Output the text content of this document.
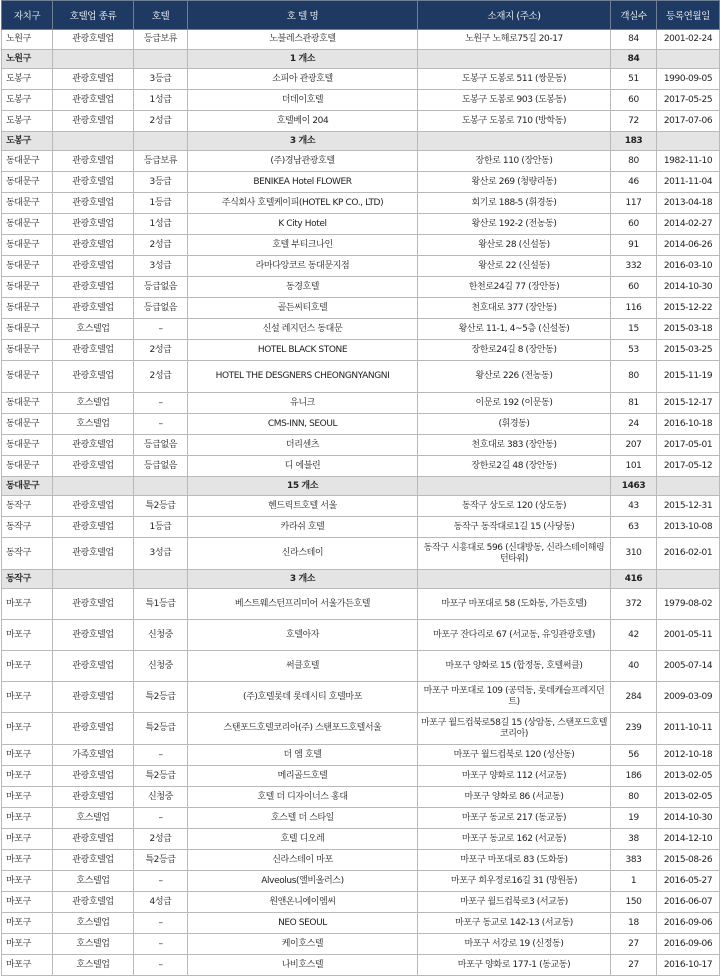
자치구	호텔업 종류	호텔	호 텔 명	소재지 (주소)	객실수	등록연월일
노원구	관광호텔업	등급보류	노블레스관광호텔	노원구 노해로75길 20-17	84	2001-02-24
노원구			1 개소		84	
도봉구	관광호텔업	3등급	소피아 관광호텔	도봉구 도봉로 511 (쌍문동)	51	1990-09-05
도봉구	관광호텔업	1성급	더데이호텔	도봉구 도봉로 903 (도봉동)	60	2017-05-25
도봉구	관광호텔업	2성급	호텔베이 204	도봉구 도봉로 710 (방학동)	72	2017-07-06
도봉구			3 개소		183	
동대문구	관광호텔업	등급보류	(주)경남관광호텔	장한로 110 (장안동)	80	1982-11-10
동대문구	관광호텔업	3등급	BENIKEA Hotel FLOWER	왕산로 269 (청량리동)	46	2011-11-04
동대문구	관광호텔업	1등급	주식회사 호텔케이피(HOTEL KP CO., LTD)	회기로 188-5 (휘경동)	117	2013-04-18
동대문구	관광호텔업	1성급	K City Hotel	왕산로 192-2 (전농동)	60	2014-02-27
동대문구	관광호텔업	2성급	호텔 부티크나인	왕산로 28 (신설동)	91	2014-06-26
동대문구	관광호텔업	3성급	라마다앙코르 동대문지점	왕산로 22 (신설동)	332	2016-03-10
동대문구	관광호텔업	등급없음	동경호텔	한천로24길 77 (장안동)	60	2014-10-30
동대문구	관광호텔업	등급없음	골든씨티호텔	천호대로 377 (장안동)	116	2015-12-22
동대문구	호스텔업	–	신설 레지던스 동대문	왕산로 11-1, 4~5층 (신설동)	15	2015-03-18
동대문구	관광호텔업	2성급	HOTEL BLACK STONE	장한로24길 8 (장안동)	53	2015-03-25
동대문구	관광호텔업	2성급	HOTEL THE DESGNERS CHEONGNYANGNI	왕산로 226 (전농동)	80	2015-11-19
동대문구	호스텔업	–	유니크	이문로 192 (이문동)	81	2015-12-17
동대문구	호스텔업	–	CMS-INN, SEOUL	(휘경동)	24	2016-10-18
동대문구	관광호텔업	등급없음	더리센츠	천호대로 383 (장안동)	207	2017-05-01
동대문구	관광호텔업	등급없음	디 에블린	장한로2길 48 (장안동)	101	2017-05-12
동대문구			15 개소		1463	
동작구	관광호텔업	특2등급	헨드릭트호텔 서울	동작구 상도로 120 (상도동)	43	2015-12-31
동작구	관광호텔업	1등급	카라쉬 호텔	동작구 동작대로1길 15 (사당동)	63	2013-10-08
동작구	관광호텔업	3성급	신라스테이	동작구 시흥대로 596 (신대방동, 신라스테이해링턴타워)	310	2016-02-01
동작구			3 개소		416	
마포구	관광호텔업	특1등급	베스트웨스턴프리미어 서울가든호텔	마포구 마포대로 58 (도화동, 가든호텔)	372	1979-08-02
마포구	관광호텔업	신청중	호텔아자	마포구 잔다리로 67 (서교동, 유잉관광호텔)	42	2001-05-11
마포구	관광호텔업	신청중	써클호텔	마포구 양화로 15 (합정동, 호텔써클)	40	2005-07-14
마포구	관광호텔업	특2등급	(주)호텔롯데 롯데시티 호텔마포	마포구 마포대로 109 (공덕동, 롯데캐슬프레지던트)	284	2009-03-09
마포구	관광호텔업	특2등급	스탠포드호텔코리아(주) 스탠포드호텔서울	마포구 월드컵북로58길 15 (상암동, 스탠포드호텔코리아)	239	2011-10-11
마포구	가족호텔업	–	더 엠 호텔	마포구 월드컵북로 120 (성산동)	56	2012-10-18
마포구	관광호텔업	특2등급	메리골드호텔	마포구 양화로 112 (서교동)	186	2013-02-05
마포구	관광호텔업	신청중	호텔 더 디자이너스 홍대	마포구 양화로 86 (서교동)	80	2013-02-05
마포구	호스텔업	–	호스텔 더 스타일	마포구 동교로 217 (동교동)	19	2014-10-30
마포구	관광호텔업	2성급	호텔 디오레	마포구 동교로 162 (서교동)	38	2014-12-10
마포구	관광호텔업	특2등급	신라스테이 마포	마포구 마포대로 83 (도화동)	383	2015-08-26
마포구	호스텔업	–	Alveolus(앨비올러스)	마포구 희우정로16길 31 (망원동)	1	2016-05-27
마포구	관광호텔업	4성급	원앤온니에이엠씨	마포구 월드컵북로3 (서교동)	150	2016-06-07
마포구	호스텔업	–	NEO SEOUL	마포구 동교로 142-13 (서교동)	18	2016-09-06
마포구	호스텔업	–	케이호스텔	마포구 서강로 19 (신정동)	27	2016-09-06
마포구	호스텔업	–	나비호스텔	마포구 양화로 177-1 (동교동)	27	2016-10-17
